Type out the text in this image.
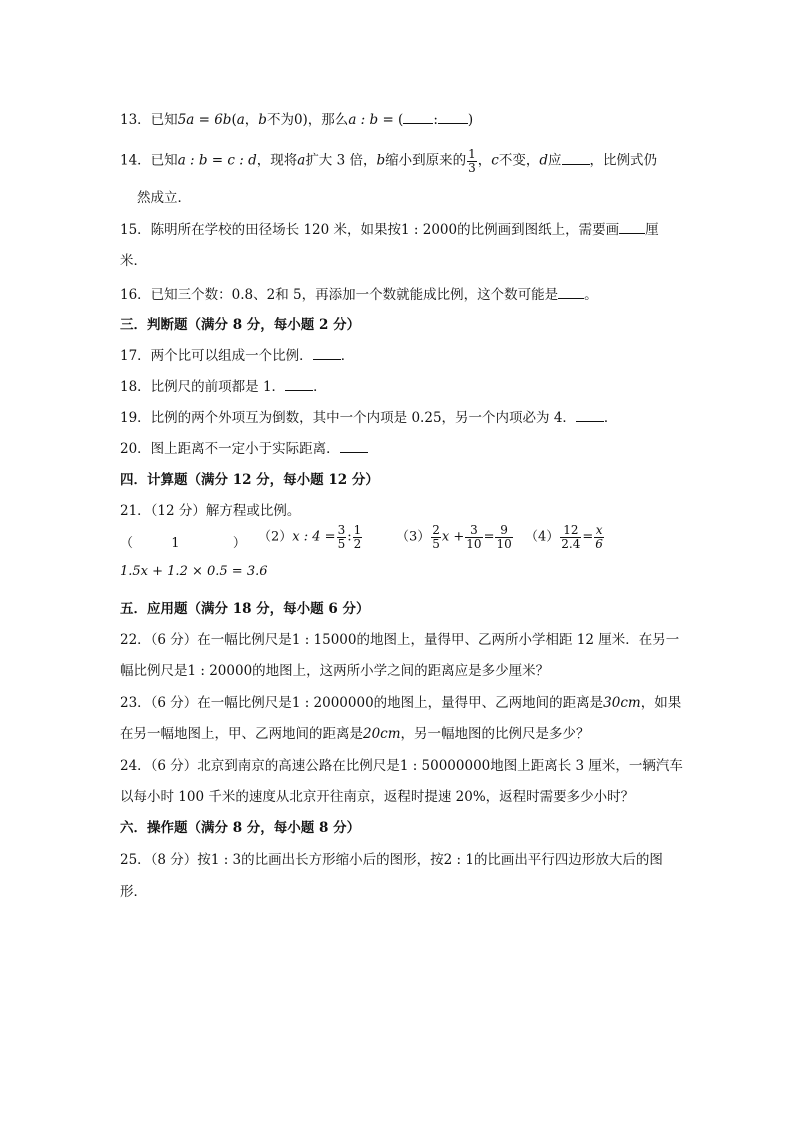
13．已知5a = 6b(a，b不为0)，那么a : b = ( : )
14．已知a : b = c : d，现将a扩大 3 倍，b缩小到原来的 $\frac{1}{3}$ ，c不变，d应 ，比例式仍
然成立．
15．陈明所在学校的田径场长 120 米，如果按1 : 2000的比例画到图纸上，需要画 厘
米．
16．已知三个数：0.8、2和 5，再添加一个数就能成比例，这个数可能是 。
三．判断题（满分 8 分，每小题 2 分）
17．两个比可以组成一个比例． ．
18．比例尺的前项都是 1． ．
19．比例的两个外项互为倒数，其中一个内项是 0.25，另一个内项必为 4． ．
20．图上距离不一定小于实际距离．
四．计算题（满分 12 分，每小题 12 分）
21．（12 分）解方程或比例。
（	1	） （2）x : $4 = \frac{3}{5}$ : $\frac{1}{2}$	$(3) \frac{2}{5}$ $x + \frac{3}{10} = \frac{9}{10} (4) \frac{12}{2.4} = \frac{x}{6}$
1.5x + 1.2 × 0.5 = 3.6
五．应用题（满分 18 分，每小题 6 分）
22．（6 分）在一幅比例尺是1 : 15000的地图上，量得甲、乙两所小学相距 12 厘米．在另一
幅比例尺是1 : 20000的地图上，这两所小学之间的距离应是多少厘米？
23．（6 分）在一幅比例尺是1 : 2000000的地图上，量得甲、乙两地间的距离是30cm，如果
在另一幅地图上，甲、乙两地间的距离是20cm，另一幅地图的比例尺是多少？
24．（6 分）北京到南京的高速公路在比例尺是1 : 50000000地图上距离长 3 厘米，一辆汽车
以每小时 100 千米的速度从北京开往南京，返程时提速 20%，返程时需要多少小时？
六．操作题（满分 8 分，每小题 8 分）
25．（8 分）按1 : 3的比画出长方形缩小后的图形，按2 : 1的比画出平行四边形放大后的图
形．
